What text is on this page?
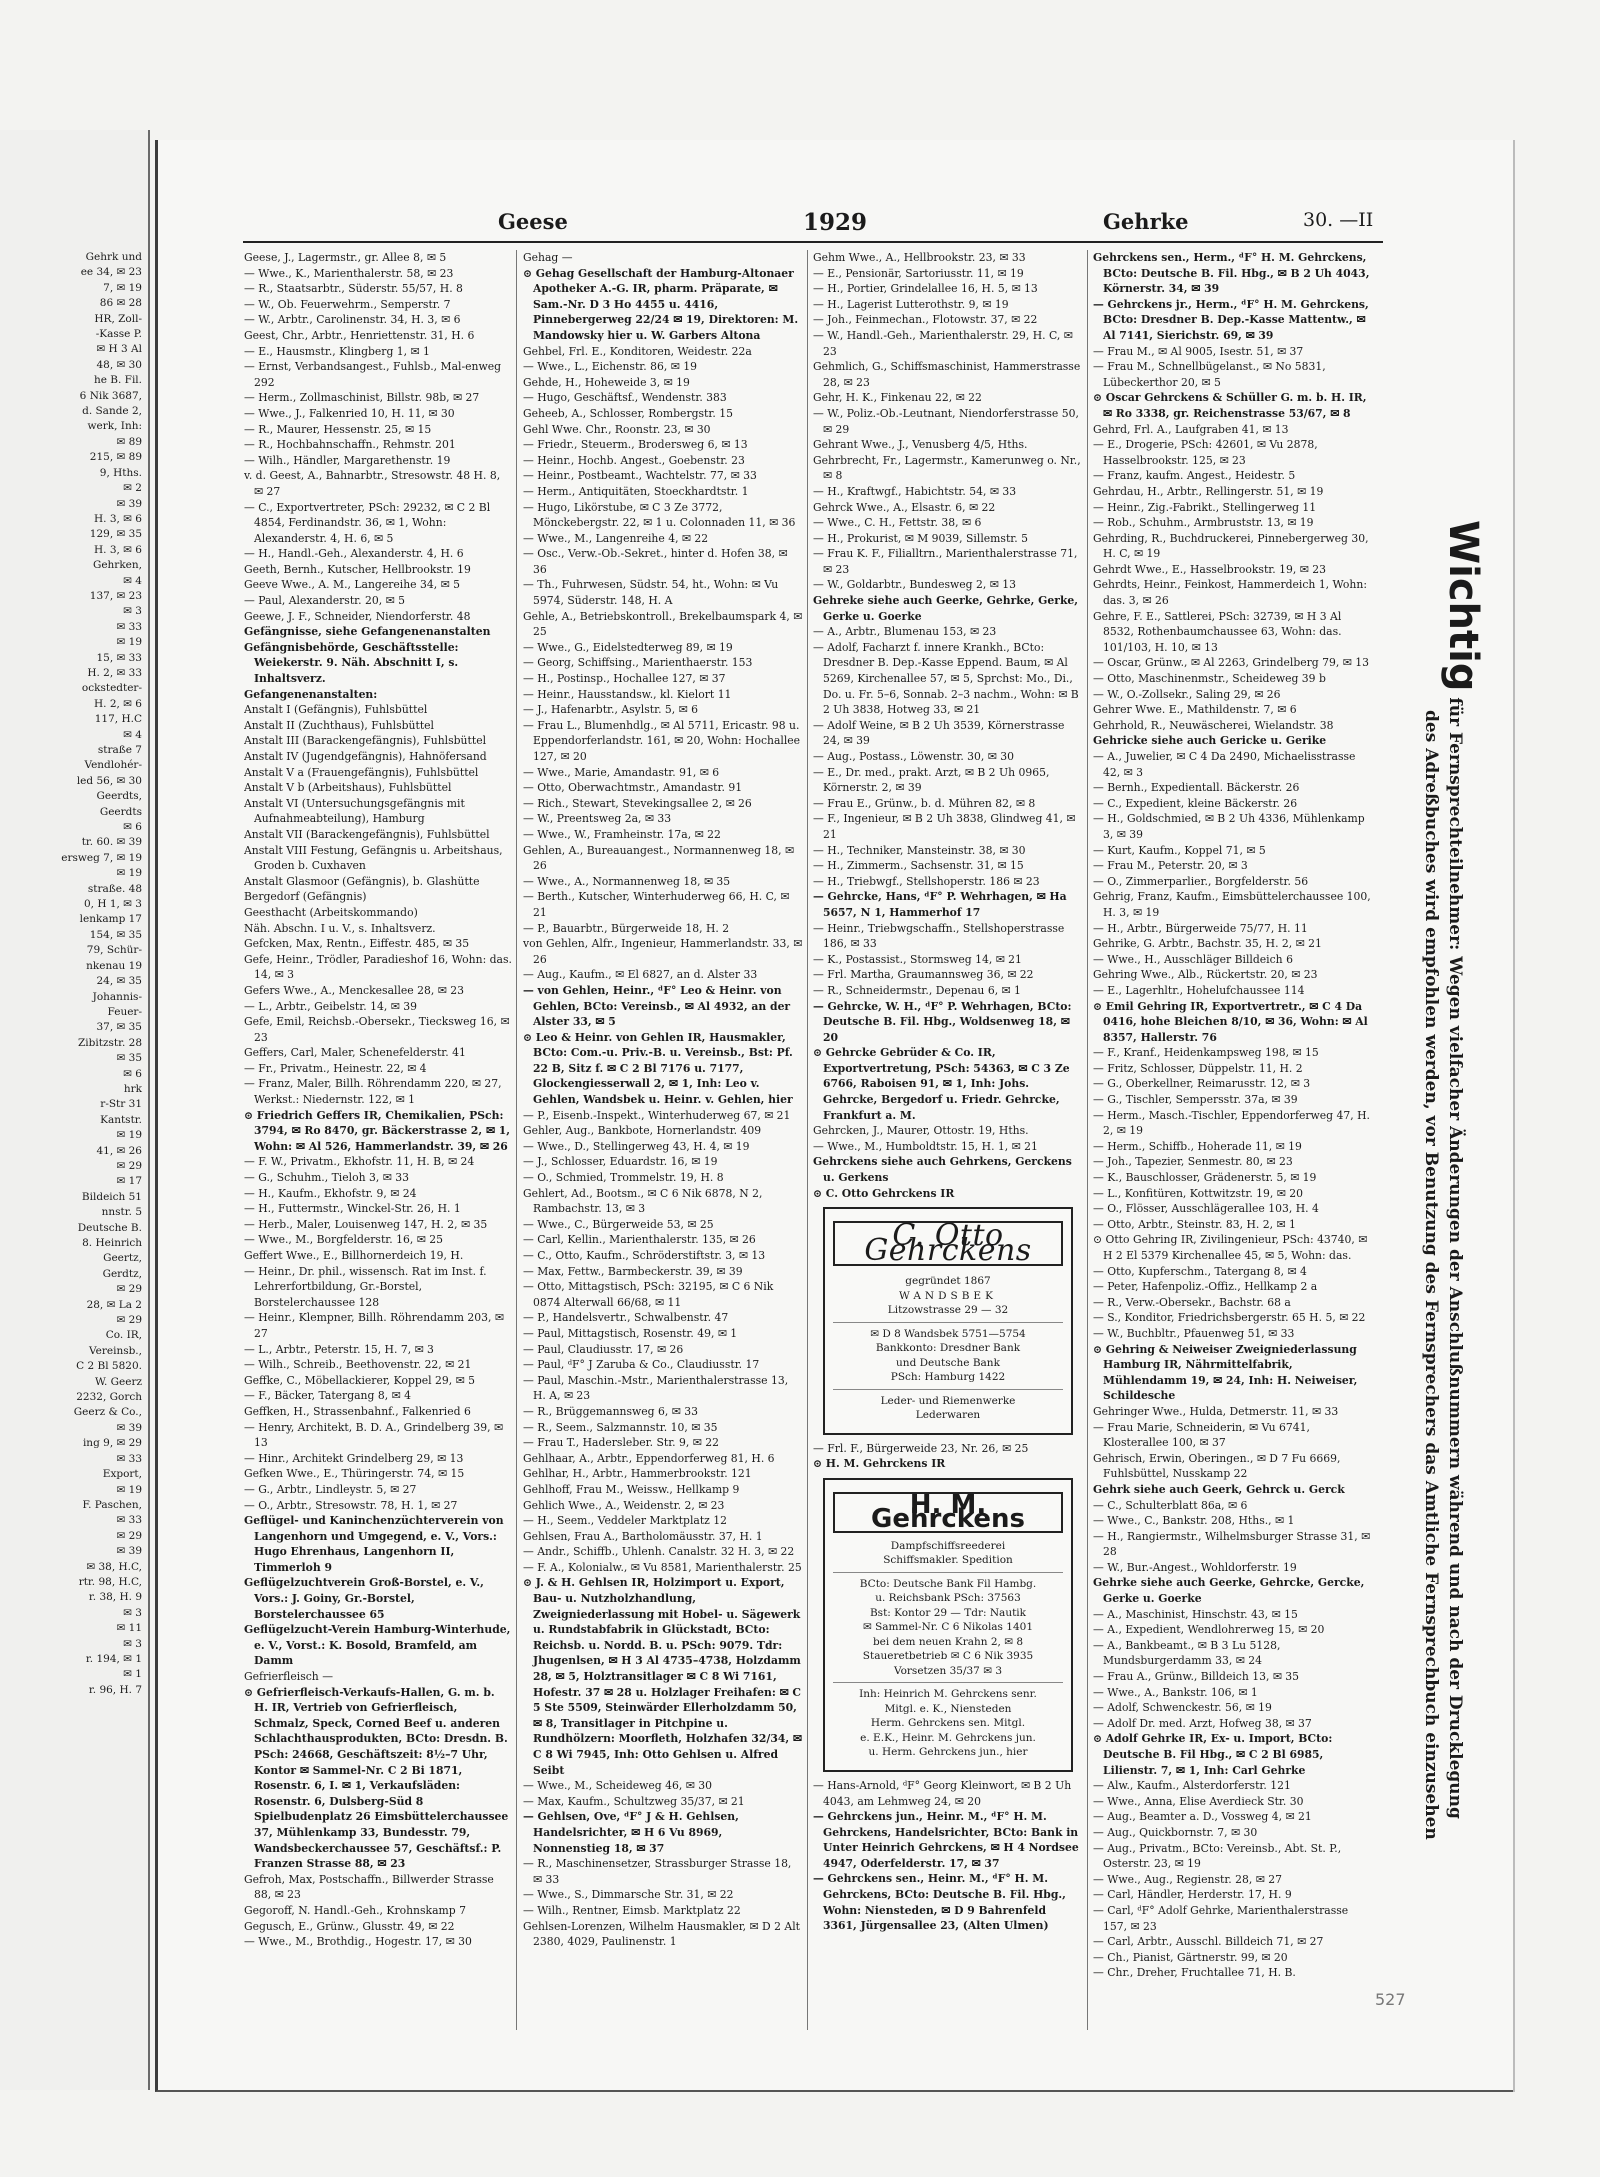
Gehrk und
ee 34, ✉ 23
7, ✉ 19
86 ✉ 28
HR, Zoll-
-Kasse P.
✉ H 3 Al
48, ✉ 30
he B. Fil.
6 Nik 3687,
d. Sande 2,
werk, Inh:
✉ 89
215, ✉ 89
9, Hths.
✉ 2
✉ 39
H. 3, ✉ 6
129, ✉ 35
H. 3, ✉ 6
Gehrken,
✉ 4
137, ✉ 23
✉ 3
✉ 33
✉ 19
15, ✉ 33
H. 2, ✉ 33
ockstedter-
H. 2, ✉ 6
117, H.C
✉ 4
straße 7
Vendlohér-
led 56, ✉ 30
Geerdts,
Geerdts
✉ 6
tr. 60. ✉ 39
ersweg 7, ✉ 19
✉ 19
straße. 48
0, H 1, ✉ 3
lenkamp 17
154, ✉ 35
79, Schür-
nkenau 19
24, ✉ 35
Johannis-
Feuer-
37, ✉ 35
Zibitzstr. 28
✉ 35
✉ 6
hrk
r-Str 31
Kantstr.
✉ 19
41, ✉ 26
✉ 29
✉ 17
Bildeich 51
nnstr. 5
Deutsche B.
8. Heinrich
Geertz,
Gerdtz,
✉ 29
28, ✉ La 2
✉ 29
Co. IR,
Vereinsb.,
C 2 Bl 5820.
W. Geerz
2232, Gorch
Geerz & Co.,
✉ 39
ing 9, ✉ 29
✉ 33
Export,
✉ 19
F. Paschen,
✉ 33
✉ 29
✉ 39
✉ 38, H.C,
rtr. 98, H.C,
r. 38, H. 9
✉ 3
✉ 11
✉ 3
r. 194, ✉ 1
✉ 1
r. 96, H. 7
Geese	1929	Gehrke	30. —II

Geese, J., Lagermstr., gr. Allee 8, ✉ 5

— Wwe., K., Marienthalerstr. 58, ✉ 23

— R., Staatsarbtr., Süderstr. 55/57, H. 8

— W., Ob. Feuerwehrm., Semperstr. 7

— W., Arbtr., Carolinenstr. 34, H. 3, ✉ 6

Geest, Chr., Arbtr., Henriettenstr. 31, H. 6

— E., Hausmstr., Klingberg 1, ✉ 1

— Ernst, Verbandsangest., Fuhlsb., Mal-enweg 292

— Herm., Zollmaschinist, Billstr. 98b, ✉ 27

— Wwe., J., Falkenried 10, H. 11, ✉ 30

— R., Maurer, Hessenstr. 25, ✉ 15

— R., Hochbahnschaffn., Rehmstr. 201

— Wilh., Händler, Margarethenstr. 19

v. d. Geest, A., Bahnarbtr., Stresowstr. 48 H. 8, ✉ 27

— C., Exportvertreter, PSch: 29232, ✉ C 2 Bl 4854, Ferdinandstr. 36, ✉ 1, Wohn: Alexanderstr. 4, H. 6, ✉ 5

— H., Handl.-Geh., Alexanderstr. 4, H. 6

Geeth, Bernh., Kutscher, Hellbrookstr. 19

Geeve Wwe., A. M., Langereihe 34, ✉ 5

— Paul, Alexanderstr. 20, ✉ 5

Geewe, J. F., Schneider, Niendorferstr. 48

Gefängnisse, siehe Gefangenenanstalten

Gefängnisbehörde, Geschäftsstelle: Weiekerstr. 9. Näh. Abschnitt I, s. Inhaltsverz.

Gefangenenanstalten:

Anstalt I (Gefängnis), Fuhlsbüttel

Anstalt II (Zuchthaus), Fuhlsbüttel

Anstalt III (Barackengefängnis), Fuhlsbüttel

Anstalt IV (Jugendgefängnis), Hahnöfersand

Anstalt V a (Frauengefängnis), Fuhlsbüttel

Anstalt V b (Arbeitshaus), Fuhlsbüttel

Anstalt VI (Untersuchungsgefängnis mit Aufnahmeabteilung), Hamburg

Anstalt VII (Barackengefängnis), Fuhlsbüttel

Anstalt VIII Festung, Gefängnis u. Arbeitshaus, Groden b. Cuxhaven

Anstalt Glasmoor (Gefängnis), b. Glashütte

Bergedorf (Gefängnis)

Geesthacht (Arbeitskommando)

Näh. Abschn. I u. V., s. Inhaltsverz.

Gefcken, Max, Rentn., Eiffestr. 485, ✉ 35

Gefe, Heinr., Trödler, Paradieshof 16, Wohn: das. 14, ✉ 3

Gefers Wwe., A., Menckesallee 28, ✉ 23

— L., Arbtr., Geibelstr. 14, ✉ 39

Gefe, Emil, Reichsb.-Obersekr., Tiecksweg 16, ✉ 23

Geffers, Carl, Maler, Schenefelderstr. 41

— Fr., Privatm., Heinestr. 22, ✉ 4

— Franz, Maler, Billh. Röhrendamm 220, ✉ 27, Werkst.: Niedernstr. 122, ✉ 1

⊙ Friedrich Geffers IR, Chemikalien, PSch: 3794, ✉ Ro 8470, gr. Bäckerstrasse 2, ✉ 1, Wohn: ✉ Al 526, Hammerlandstr. 39, ✉ 26

— F. W., Privatm., Ekhofstr. 11, H. B, ✉ 24

— G., Schuhm., Tieloh 3, ✉ 33

— H., Kaufm., Ekhofstr. 9, ✉ 24

— H., Futtermstr., Winckel-Str. 26, H. 1

— Herb., Maler, Louisenweg 147, H. 2, ✉ 35

— Wwe., M., Borgfelderstr. 16, ✉ 25

Geffert Wwe., E., Billhornerdeich 19, H.

— Heinr., Dr. phil., wissensch. Rat im Inst. f. Lehrerfortbildung, Gr.-Borstel, Borstelerchaussee 128

— Heinr., Klempner, Billh. Röhrendamm 203, ✉ 27

— L., Arbtr., Peterstr. 15, H. 7, ✉ 3

— Wilh., Schreib., Beethovenstr. 22, ✉ 21

Geffke, C., Möbellackierer, Koppel 29, ✉ 5

— F., Bäcker, Tatergang 8, ✉ 4

Geffken, H., Strassenbahnf., Falkenried 6

— Henry, Architekt, B. D. A., Grindelberg 39, ✉ 13

— Hinr., Architekt Grindelberg 29, ✉ 13

Gefken Wwe., E., Thüringerstr. 74, ✉ 15

— G., Arbtr., Lindleystr. 5, ✉ 27

— O., Arbtr., Stresowstr. 78, H. 1, ✉ 27

Geflügel- und Kaninchenzüchterverein von Langenhorn und Umgegend, e. V., Vors.: Hugo Ehrenhaus, Langenhorn II, Timmerloh 9

Geflügelzuchtverein Groß-Borstel, e. V., Vors.: J. Goiny, Gr.-Borstel, Borstelerchaussee 65

Geflügelzucht-Verein Hamburg-Winterhude, e. V., Vorst.: K. Bosold, Bramfeld, am Damm

Gefrierfleisch —

⊙ Gefrierfleisch-Verkaufs-Hallen, G. m. b. H. IR, Vertrieb von Gefrierfleisch, Schmalz, Speck, Corned Beef u. anderen Schlachthausprodukten, BCto: Dresdn. B. PSch: 24668, Geschäftszeit: 8½–7 Uhr, Kontor ✉ Sammel-Nr. C 2 Bi 1871, Rosenstr. 6, I. ✉ 1, Verkaufsläden: Rosenstr. 6, Dulsberg-Süd 8 Spielbudenplatz 26 Eimsbüttelerchaussee 37, Mühlenkamp 33, Bundesstr. 79, Wandsbeckerchaussee 57, Geschäftsf.: P. Franzen Strasse 88, ✉ 23

Gefroh, Max, Postschaffn., Billwerder Strasse 88, ✉ 23

Gegoroff, N. Handl.-Geh., Krohnskamp 7

Gegusch, E., Grünw., Glusstr. 49, ✉ 22

— Wwe., M., Brothdig., Hogestr. 17, ✉ 30

Gehag —

⊙ Gehag Gesellschaft der Hamburg-Altonaer Apotheker A.-G. IR, pharm. Präparate, ✉ Sam.-Nr. D 3 Ho 4455 u. 4416, Pinnebergerweg 22/24 ✉ 19, Direktoren: M. Mandowsky hier u. W. Garbers Altona

Gehbel, Frl. E., Konditoren, Weidestr. 22a

— Wwe., L., Eichenstr. 86, ✉ 19

Gehde, H., Hoheweide 3, ✉ 19

— Hugo, Geschäftsf., Wendenstr. 383

Geheeb, A., Schlosser, Rombergstr. 15

Gehl Wwe. Chr., Roonstr. 23, ✉ 30

— Friedr., Steuerm., Brodersweg 6, ✉ 13

— Heinr., Hochb. Angest., Goebenstr. 23

— Heinr., Postbeamt., Wachtelstr. 77, ✉ 33

— Herm., Antiquitäten, Stoeckhardtstr. 1

— Hugo, Likörstube, ✉ C 3 Ze 3772, Mönckebergstr. 22, ✉ 1 u. Colonnaden 11, ✉ 36

— Wwe., M., Langenreihe 4, ✉ 22

— Osc., Verw.-Ob.-Sekret., hinter d. Hofen 38, ✉ 36

— Th., Fuhrwesen, Südstr. 54, ht., Wohn: ✉ Vu 5974, Süderstr. 148, H. A

Gehle, A., Betriebskontroll., Brekelbaumspark 4, ✉ 25

— Wwe., G., Eidelstedterweg 89, ✉ 19

— Georg, Schiffsing., Marienthaerstr. 153

— H., Postinsp., Hochallee 127, ✉ 37

— Heinr., Hausstandsw., kl. Kielort 11

— J., Hafenarbtr., Asylstr. 5, ✉ 6

— Frau L., Blumenhdlg., ✉ Al 5711, Ericastr. 98 u. Eppendorferlandstr. 161, ✉ 20, Wohn: Hochallee 127, ✉ 20

— Wwe., Marie, Amandastr. 91, ✉ 6

— Otto, Oberwachtmstr., Amandastr. 91

— Rich., Stewart, Stevekingsallee 2, ✉ 26

— W., Preentsweg 2a, ✉ 33

— Wwe., W., Framheinstr. 17a, ✉ 22

Gehlen, A., Bureauangest., Normannenweg 18, ✉ 26

— Wwe., A., Normannenweg 18, ✉ 35

— Berth., Kutscher, Winterhuderweg 66, H. C, ✉ 21

— P., Bauarbtr., Bürgerweide 18, H. 2

von Gehlen, Alfr., Ingenieur, Hammerlandstr. 33, ✉ 26

— Aug., Kaufm., ✉ El 6827, an d. Alster 33

— von Gehlen, Heinr., ᵈF° Leo & Heinr. von Gehlen, BCto: Vereinsb., ✉ Al 4932, an der Alster 33, ✉ 5

⊙ Leo & Heinr. von Gehlen IR, Hausmakler, BCto: Com.-u. Priv.-B. u. Vereinsb., Bst: Pf. 22 B, Sitz f. ✉ C 2 Bl 7176 u. 7177, Glockengiesserwall 2, ✉ 1, Inh: Leo v. Gehlen, Wandsbek u. Heinr. v. Gehlen, hier

— P., Eisenb.-Inspekt., Winterhuderweg 67, ✉ 21

Gehler, Aug., Bankbote, Hornerlandstr. 409

— Wwe., D., Stellingerweg 43, H. 4, ✉ 19

— J., Schlosser, Eduardstr. 16, ✉ 19

— O., Schmied, Trommelstr. 19, H. 8

Gehlert, Ad., Bootsm., ✉ C 6 Nik 6878, N 2, Rambachstr. 13, ✉ 3

— Wwe., C., Bürgerweide 53, ✉ 25

— Carl, Kellin., Marienthalerstr. 135, ✉ 26

— C., Otto, Kaufm., Schröderstiftstr. 3, ✉ 13

— Max, Fettw., Barmbeckerstr. 39, ✉ 39

— Otto, Mittagstisch, PSch: 32195, ✉ C 6 Nik 0874 Alterwall 66/68, ✉ 11

— P., Handelsvertr., Schwalbenstr. 47

— Paul, Mittagstisch, Rosenstr. 49, ✉ 1

— Paul, Claudiusstr. 17, ✉ 26

— Paul, ᵈF° J Zaruba & Co., Claudiusstr. 17

— Paul, Maschin.-Mstr., Marienthalerstrasse 13, H. A, ✉ 23

— R., Brüggemannsweg 6, ✉ 33

— R., Seem., Salzmannstr. 10, ✉ 35

— Frau T., Hadersleber. Str. 9, ✉ 22

Gehlhaar, A., Arbtr., Eppendorferweg 81, H. 6

Gehlhar, H., Arbtr., Hammerbrookstr. 121

Gehlhoff, Frau M., Weissw., Hellkamp 9

Gehlich Wwe., A., Weidenstr. 2, ✉ 23

— H., Seem., Veddeler Marktplatz 12

Gehlsen, Frau A., Bartholomäusstr. 37, H. 1

— Andr., Schiffb., Uhlenh. Canalstr. 32 H. 3, ✉ 22

— F. A., Kolonialw., ✉ Vu 8581, Marienthalerstr. 25

⊙ J. & H. Gehlsen IR, Holzimport u. Export, Bau- u. Nutzholzhandlung, Zweigniederlassung mit Hobel- u. Sägewerk u. Rundstabfabrik in Glückstadt, BCto: Reichsb. u. Nordd. B. u. PSch: 9079. Tdr: Jhugenlsen, ✉ H 3 Al 4735–4738, Holzdamm 28, ✉ 5, Holztransitlager ✉ C 8 Wi 7161, Hofestr. 37 ✉ 28 u. Holzlager Freihafen: ✉ C 5 Ste 5509, Steinwärder Ellerholzdamm 50, ✉ 8, Transitlager in Pitchpine u. Rundhölzern: Moorfleth, Holzhafen 32/34, ✉ C 8 Wi 7945, Inh: Otto Gehlsen u. Alfred Seibt

— Wwe., M., Scheideweg 46, ✉ 30

— Max, Kaufm., Schultzweg 35/37, ✉ 21

— Gehlsen, Ove, ᵈF° J & H. Gehlsen, Handelsrichter, ✉ H 6 Vu 8969, Nonnenstieg 18, ✉ 37

— R., Maschinensetzer, Strassburger Strasse 18, ✉ 33

— Wwe., S., Dimmarsche Str. 31, ✉ 22

— Wilh., Rentner, Eimsb. Marktplatz 22

Gehlsen-Lorenzen, Wilhelm Hausmakler, ✉ D 2 Alt 2380, 4029, Paulinenstr. 1

Gehm Wwe., A., Hellbrookstr. 23, ✉ 33

— E., Pensionär, Sartoriusstr. 11, ✉ 19

— H., Portier, Grindelallee 16, H. 5, ✉ 13

— H., Lagerist Lutterothstr. 9, ✉ 19

— Joh., Feinmechan., Flotowstr. 37, ✉ 22

— W., Handl.-Geh., Marienthalerstr. 29, H. C, ✉ 23

Gehmlich, G., Schiffsmaschinist, Hammerstrasse 28, ✉ 23

Gehr, H. K., Finkenau 22, ✉ 22

— W., Poliz.-Ob.-Leutnant, Niendorferstrasse 50, ✉ 29

Gehrant Wwe., J., Venusberg 4/5, Hths.

Gehrbrecht, Fr., Lagermstr., Kamerunweg o. Nr., ✉ 8

— H., Kraftwgf., Habichtstr. 54, ✉ 33

Gehrck Wwe., A., Elsastr. 6, ✉ 22

— Wwe., C. H., Fettstr. 38, ✉ 6

— H., Prokurist, ✉ M 9039, Sillemstr. 5

— Frau K. F., Filialltrn., Marienthalerstrasse 71, ✉ 23

— W., Goldarbtr., Bundesweg 2, ✉ 13

Gehreke siehe auch Geerke, Gehrke, Gerke, Gerke u. Goerke

— A., Arbtr., Blumenau 153, ✉ 23

— Adolf, Facharzt f. innere Krankh., BCto: Dresdner B. Dep.-Kasse Eppend. Baum, ✉ Al 5269, Kirchenallee 57, ✉ 5, Sprchst: Mo., Di., Do. u. Fr. 5–6, Sonnab. 2–3 nachm., Wohn: ✉ B 2 Uh 3838, Hotweg 33, ✉ 21

— Adolf Weine, ✉ B 2 Uh 3539, Körnerstrasse 24, ✉ 39

— Aug., Postass., Löwenstr. 30, ✉ 30

— E., Dr. med., prakt. Arzt, ✉ B 2 Uh 0965, Körnerstr. 2, ✉ 39

— Frau E., Grünw., b. d. Mühren 82, ✉ 8

— F., Ingenieur, ✉ B 2 Uh 3838, Glindweg 41, ✉ 21

— H., Techniker, Mansteinstr. 38, ✉ 30

— H., Zimmerm., Sachsenstr. 31, ✉ 15

— H., Triebwgf., Stellshoperstr. 186 ✉ 23

— Gehrcke, Hans, ᵈF° P. Wehrhagen, ✉ Ha 5657, N 1, Hammerhof 17

— Heinr., Triebwgschaffn., Stellshoperstrasse 186, ✉ 33

— K., Postassist., Stormsweg 14, ✉ 21

— Frl. Martha, Graumannsweg 36, ✉ 22

— R., Schneidermstr., Depenau 6, ✉ 1

— Gehrcke, W. H., ᵈF° P. Wehrhagen, BCto: Deutsche B. Fil. Hbg., Woldsenweg 18, ✉ 20

⊙ Gehrcke Gebrüder & Co. IR, Exportvertretung, PSch: 54363, ✉ C 3 Ze 6766, Raboisen 91, ✉ 1, Inh: Johs. Gehrcke, Bergedorf u. Friedr. Gehrcke, Frankfurt a. M.

Gehrcken, J., Maurer, Ottostr. 19, Hths.

— Wwe., M., Humboldtstr. 15, H. 1, ✉ 21

Gehrckens siehe auch Gehrkens, Gerckens u. Gerkens

⊙ C. Otto Gehrckens IR

C. Otto Gehrckens
gegründet 1867
WANDSBEK
Litzowstrasse 29 — 32
✉ D 8 Wandsbek 5751—5754
Bankkonto: Dresdner Bank
und Deutsche Bank
PSch: Hamburg 1422
Leder- und Riemenwerke
Lederwaren

— Frl. F., Bürgerweide 23, Nr. 26, ✉ 25

⊙ H. M. Gehrckens IR

H. M. Gehrckens
Dampfschiffsreederei
Schiffsmakler. Spedition
BCto: Deutsche Bank Fil Hambg.
u. Reichsbank PSch: 37563
Bst: Kontor 29 — Tdr: Nautik
✉ Sammel-Nr. C 6 Nikolas 1401
bei dem neuen Krahn 2, ✉ 8
Staueretbetrieb ✉ C 6 Nik 3935
Vorsetzen 35/37 ✉ 3
Inh: Heinrich M. Gehrckens senr.
Mitgl. e. K., Niensteden
Herm. Gehrckens sen. Mitgl.
e. E.K., Heinr. M. Gehrckens jun.
u. Herm. Gehrckens jun., hier

— Hans-Arnold, ᵈF° Georg Kleinwort, ✉ B 2 Uh 4043, am Lehmweg 24, ✉ 20

— Gehrckens jun., Heinr. M., ᵈF° H. M. Gehrckens, Handelsrichter, BCto: Bank in Unter Heinrich Gehrckens, ✉ H 4 Nordsee 4947, Oderfelderstr. 17, ✉ 37

— Gehrckens sen., Heinr. M., ᵈF° H. M. Gehrckens, BCto: Deutsche B. Fil. Hbg., Wohn: Niensteden, ✉ D 9 Bahrenfeld 3361, Jürgensallee 23, (Alten Ulmen)

Gehrckens sen., Herm., ᵈF° H. M. Gehrckens, BCto: Deutsche B. Fil. Hbg., ✉ B 2 Uh 4043, Körnerstr. 34, ✉ 39

— Gehrckens jr., Herm., ᵈF° H. M. Gehrckens, BCto: Dresdner B. Dep.-Kasse Mattentw., ✉ Al 7141, Sierichstr. 69, ✉ 39

— Frau M., ✉ Al 9005, Isestr. 51, ✉ 37

— Frau M., Schnellbügelanst., ✉ No 5831, Lübeckerthor 20, ✉ 5

⊙ Oscar Gehrckens & Schüller G. m. b. H. IR, ✉ Ro 3338, gr. Reichenstrasse 53/67, ✉ 8

Gehrd, Frl. A., Laufgraben 41, ✉ 13

— E., Drogerie, PSch: 42601, ✉ Vu 2878, Hasselbrookstr. 125, ✉ 23

— Franz, kaufm. Angest., Heidestr. 5

Gehrdau, H., Arbtr., Rellingerstr. 51, ✉ 19

— Heinr., Zig.-Fabrikt., Stellingerweg 11

— Rob., Schuhm., Armbruststr. 13, ✉ 19

Gehrding, R., Buchdruckerei, Pinnebergerweg 30, H. C, ✉ 19

Gehrdt Wwe., E., Hasselbrookstr. 19, ✉ 23

Gehrdts, Heinr., Feinkost, Hammerdeich 1, Wohn: das. 3, ✉ 26

Gehre, F. E., Sattlerei, PSch: 32739, ✉ H 3 Al 8532, Rothenbaumchaussee 63, Wohn: das. 101/103, H. 10, ✉ 13

— Oscar, Grünw., ✉ Al 2263, Grindelberg 79, ✉ 13

— Otto, Maschinenmstr., Scheideweg 39 b

— W., O.-Zollsekr., Saling 29, ✉ 26

Gehrer Wwe. E., Mathildenstr. 7, ✉ 6

Gehrhold, R., Neuwäscherei, Wielandstr. 38

Gehricke siehe auch Gericke u. Gerike

— A., Juwelier, ✉ C 4 Da 2490, Michaelisstrasse 42, ✉ 3

— Bernh., Expedientall. Bäckerstr. 26

— C., Expedient, kleine Bäckerstr. 26

— H., Goldschmied, ✉ B 2 Uh 4336, Mühlenkamp 3, ✉ 39

— Kurt, Kaufm., Koppel 71, ✉ 5

— Frau M., Peterstr. 20, ✉ 3

— O., Zimmerparlier., Borgfelderstr. 56

Gehrig, Franz, Kaufm., Eimsbüttelerchaussee 100, H. 3, ✉ 19

— H., Arbtr., Bürgerweide 75/77, H. 11

Gehrike, G. Arbtr., Bachstr. 35, H. 2, ✉ 21

— Wwe., H., Ausschläger Billdeich 6

Gehring Wwe., Alb., Rückertstr. 20, ✉ 23

— E., Lagerhltr., Hohelufchaussee 114

⊙ Emil Gehring IR, Exportvertretr., ✉ C 4 Da 0416, hohe Bleichen 8/10, ✉ 36, Wohn: ✉ Al 8357, Hallerstr. 76

— F., Kranf., Heidenkampsweg 198, ✉ 15

— Fritz, Schlosser, Düppelstr. 11, H. 2

— G., Oberkellner, Reimarusstr. 12, ✉ 3

— G., Tischler, Sempersstr. 37a, ✉ 39

— Herm., Masch.-Tischler, Eppendorferweg 47, H. 2, ✉ 19

— Herm., Schiffb., Hoherade 11, ✉ 19

— Joh., Tapezier, Senmestr. 80, ✉ 23

— K., Bauschlosser, Grädenerstr. 5, ✉ 19

— L., Konfitüren, Kottwitzstr. 19, ✉ 20

— O., Flösser, Ausschlägerallee 103, H. 4

— Otto, Arbtr., Steinstr. 83, H. 2, ✉ 1

⊙ Otto Gehring IR, Zivilingenieur, PSch: 43740, ✉ H 2 El 5379 Kirchenallee 45, ✉ 5, Wohn: das.

— Otto, Kupferschm., Tatergang 8, ✉ 4

— Peter, Hafenpoliz.-Offiz., Hellkamp 2 a

— R., Verw.-Obersekr., Bachstr. 68 a

— S., Konditor, Friedrichsbergerstr. 65 H. 5, ✉ 22

— W., Buchbltr., Pfauenweg 51, ✉ 33

⊙ Gehring & Neiweiser Zweigniederlassung Hamburg IR, Nährmittelfabrik, Mühlendamm 19, ✉ 24, Inh: H. Neiweiser, Schildesche

Gehringer Wwe., Hulda, Detmerstr. 11, ✉ 33

— Frau Marie, Schneiderin, ✉ Vu 6741, Klosterallee 100, ✉ 37

Gehrisch, Erwin, Oberingen., ✉ D 7 Fu 6669, Fuhlsbüttel, Nusskamp 22

Gehrk siehe auch Geerk, Gehrck u. Gerck

— C., Schulterblatt 86a, ✉ 6

— Wwe., C., Bankstr. 208, Hths., ✉ 1

— H., Rangiermstr., Wilhelmsburger Strasse 31, ✉ 28

— W., Bur.-Angest., Wohldorferstr. 19

Gehrke siehe auch Geerke, Gehrcke, Gercke, Gerke u. Goerke

— A., Maschinist, Hinschstr. 43, ✉ 15

— A., Expedient, Wendlohrerweg 15, ✉ 20

— A., Bankbeamt., ✉ B 3 Lu 5128, Mundsburgerdamm 33, ✉ 24

— Frau A., Grünw., Billdeich 13, ✉ 35

— Wwe., A., Bankstr. 106, ✉ 1

— Adolf, Schwenckestr. 56, ✉ 19

— Adolf Dr. med. Arzt, Hofweg 38, ✉ 37

⊙ Adolf Gehrke IR, Ex- u. Import, BCto: Deutsche B. Fil Hbg., ✉ C 2 Bl 6985, Lilienstr. 7, ✉ 1, Inh: Carl Gehrke

— Alw., Kaufm., Alsterdorferstr. 121

— Wwe., Anna, Elise Averdieck Str. 30

— Aug., Beamter a. D., Vossweg 4, ✉ 21

— Aug., Quickbornstr. 7, ✉ 30

— Aug., Privatm., BCto: Vereinsb., Abt. St. P., Osterstr. 23, ✉ 19

— Wwe., Aug., Regienstr. 28, ✉ 27

— Carl, Händler, Herderstr. 17, H. 9

— Carl, ᵈF° Adolf Gehrke, Marienthalerstrasse 157, ✉ 23

— Carl, Arbtr., Ausschl. Billdeich 71, ✉ 27

— Ch., Pianist, Gärtnerstr. 99, ✉ 20

— Chr., Dreher, Fruchtallee 71, H. B.

Wichtig für Fernsprechteilnehmer: Wegen vielfacher Änderungen der Anschlußnummern während und nach der Drucklegung
des Adreßbuches wird empfohlen werden, vor Benutzung des Fernsprechers das Amtliche Fernsprechbuch einzusehen
527
